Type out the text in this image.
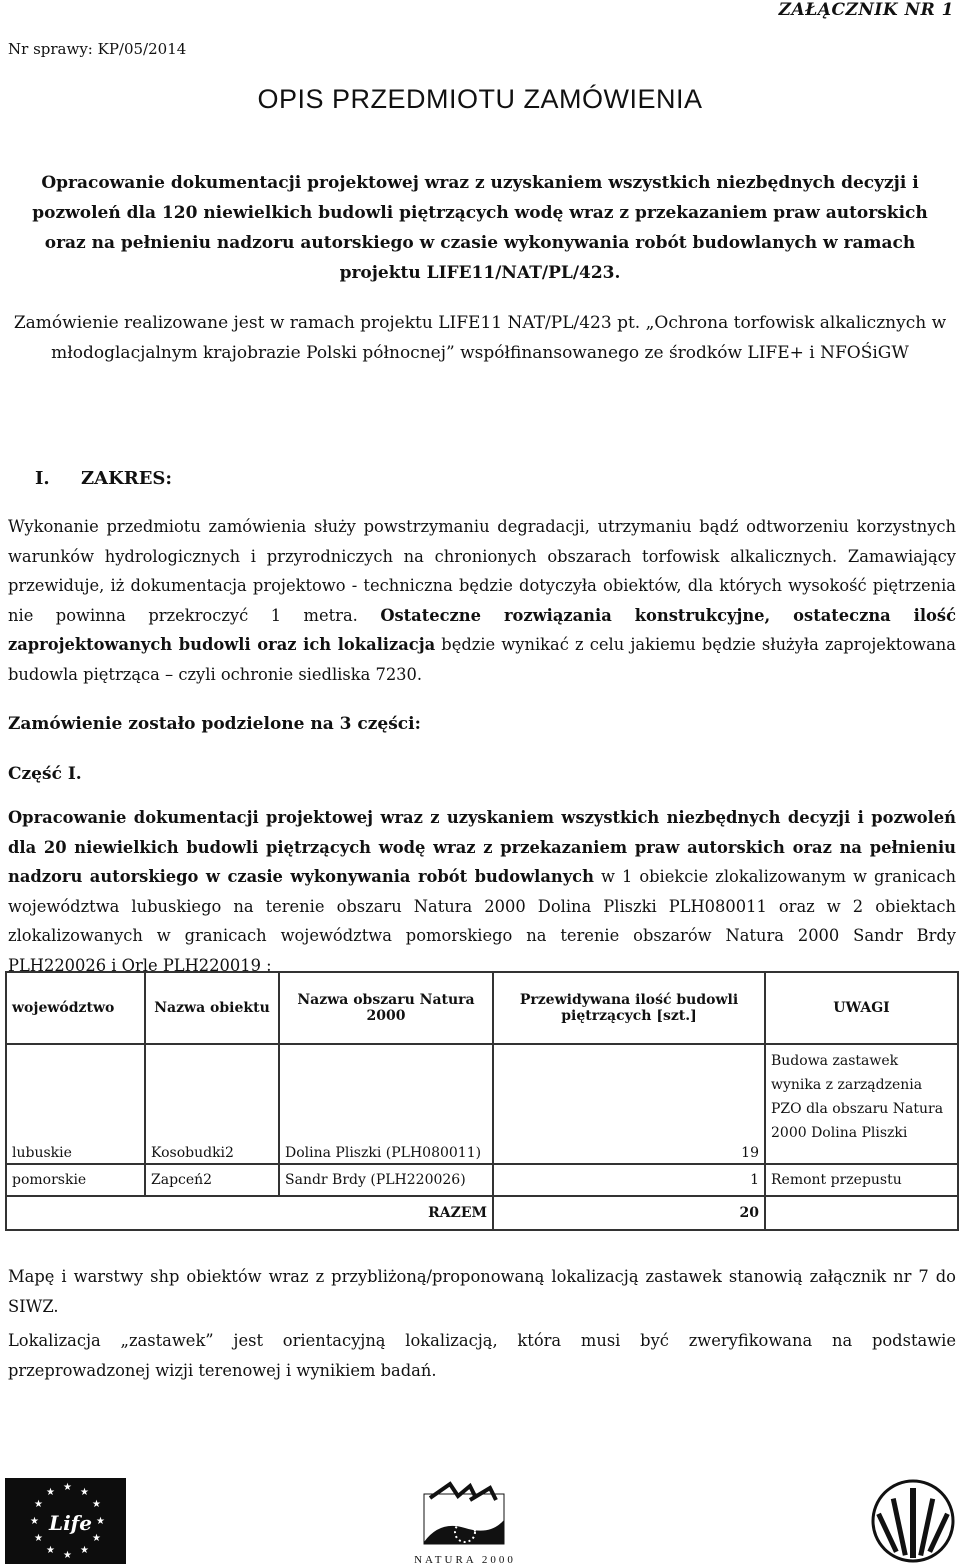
ZAŁĄCZNIK NR 1
Nr sprawy: KP/05/2014
OPIS PRZEDMIOTU ZAMÓWIENIA
Opracowanie dokumentacji projektowej wraz z uzyskaniem wszystkich niezbędnych decyzji i pozwoleń dla 120 niewielkich budowli piętrzących wodę wraz z przekazaniem praw autorskich oraz na pełnieniu nadzoru autorskiego w czasie wykonywania robót budowlanych w ramach projektu LIFE11/NAT/PL/423.
Zamówienie realizowane jest w ramach projektu LIFE11 NAT/PL/423 pt. „Ochrona torfowisk alkalicznych w młodoglacjalnym krajobrazie Polski północnej” współfinansowanego ze środków LIFE+ i NFOŚiGW
I. ZAKRES:
Wykonanie przedmiotu zamówienia służy powstrzymaniu degradacji, utrzymaniu bądź odtworzeniu korzystnych warunków hydrologicznych i przyrodniczych na chronionych obszarach torfowisk alkalicznych. Zamawiający przewiduje, iż dokumentacja projektowo - techniczna będzie dotyczyła obiektów, dla których wysokość piętrzenia nie powinna przekroczyć 1 metra. Ostateczne rozwiązania konstrukcyjne, ostateczna ilość zaprojektowanych budowli oraz ich lokalizacja będzie wynikać z celu jakiemu będzie służyła zaprojektowana budowla piętrząca – czyli ochronie siedliska 7230.
Zamówienie zostało podzielone na 3 części:
Część I.
Opracowanie dokumentacji projektowej wraz z uzyskaniem wszystkich niezbędnych decyzji i pozwoleń dla 20 niewielkich budowli piętrzących wodę wraz z przekazaniem praw autorskich oraz na pełnieniu nadzoru autorskiego w czasie wykonywania robót budowlanych w 1 obiekcie zlokalizowanym w granicach województwa lubuskiego na terenie obszaru Natura 2000 Dolina Pliszki PLH080011 oraz w 2 obiektach zlokalizowanych w granicach województwa pomorskiego na terenie obszarów Natura 2000 Sandr Brdy PLH220026 i Orle PLH220019 :
województwo	Nazwa obiektu	Nazwa obszaru Natura 2000	Przewidywana ilość budowli piętrzących [szt.]	UWAGI
lubuskie	Kosobudki2	Dolina Pliszki (PLH080011)	19	Budowa zastawek wynika z zarządzenia PZO dla obszaru Natura 2000 Dolina Pliszki
pomorskie	Zapceń2	Sandr Brdy (PLH220026)	1	Remont przepustu
RAZEM			20	
Mapę i warstwy shp obiektów wraz z przybliżoną/proponowaną lokalizacją zastawek stanowią załącznik nr 7 do SIWZ.
Lokalizacja „zastawek” jest orientacyjną lokalizacją, która musi być zweryfikowana na podstawie przeprowadzonej wizji terenowej i wynikiem badań.
★ ★
★
★
★
★
★
★
★
★
★
★
Life
NATURA 2000
